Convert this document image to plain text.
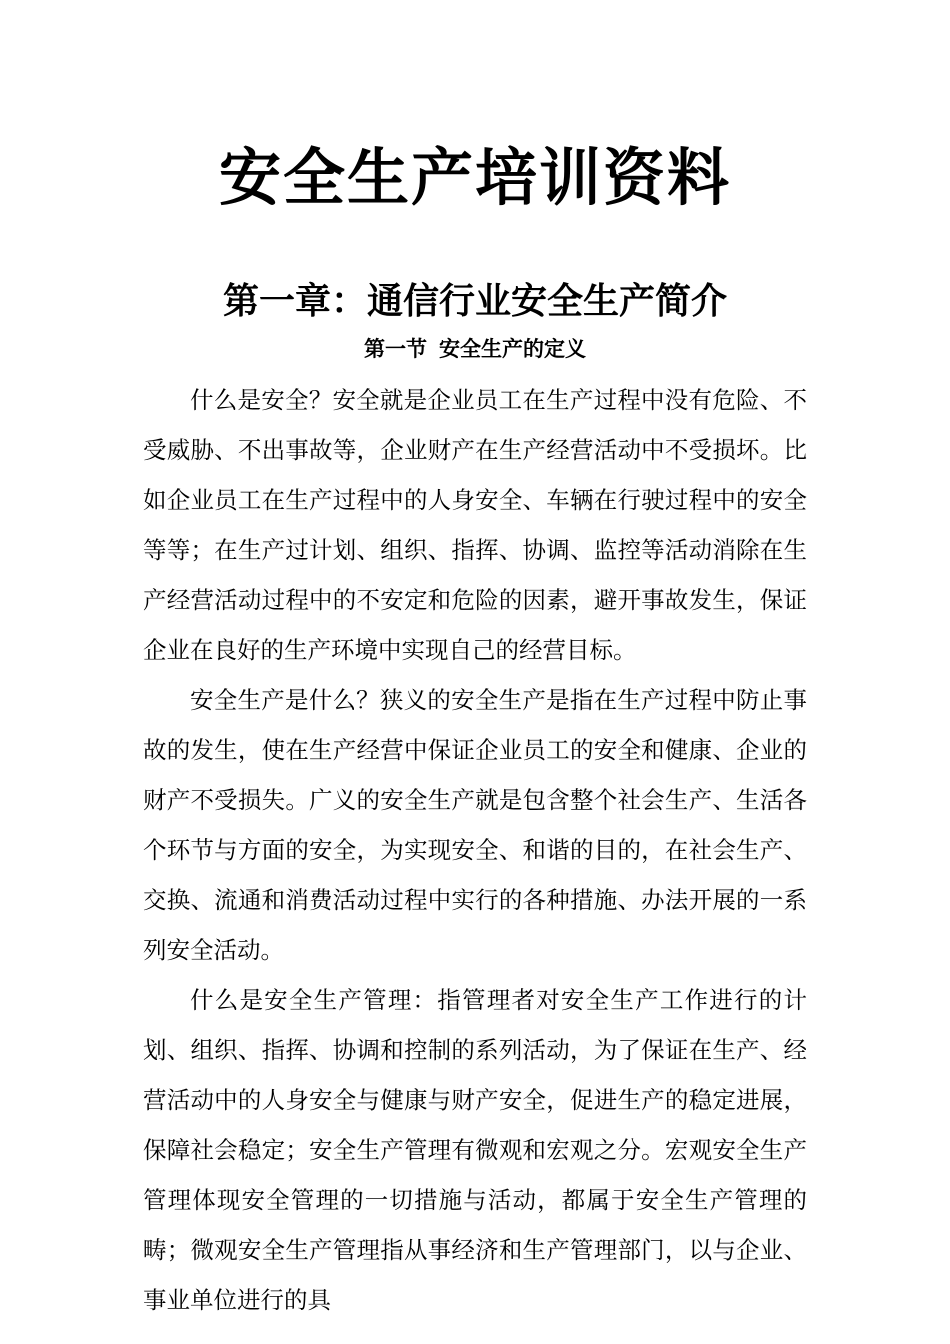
安全生产培训资料
第一章：通信行业安全生产简介
第一节 安全生产的定义

什么是安全？安全就是企业员工在生产过程中没有危险、不受威胁、不出事故等，企业财产在生产经营活动中不受损坏。比如企业员工在生产过程中的人身安全、车辆在行驶过程中的安全等等；在生产过计划、组织、指挥、协调、监控等活动消除在生产经营活动过程中的不安定和危险的因素，避开事故发生，保证企业在良好的生产环境中实现自己的经营目标。

安全生产是什么？狭义的安全生产是指在生产过程中防止事故的发生，使在生产经营中保证企业员工的安全和健康、企业的财产不受损失。广义的安全生产就是包含整个社会生产、生活各个环节与方面的安全，为实现安全、和谐的目的，在社会生产、交换、流通和消费活动过程中实行的各种措施、办法开展的一系列安全活动。

什么是安全生产管理：指管理者对安全生产工作进行的计划、组织、指挥、协调和控制的系列活动，为了保证在生产、经营活动中的人身安全与健康与财产安全，促进生产的稳定进展，保障社会稳定；安全生产管理有微观和宏观之分。宏观安全生产管理体现安全管理的一切措施与活动，都属于安全生产管理的畴；微观安全生产管理指从事经济和生产管理部门，以与企业、事业单位进行的具
